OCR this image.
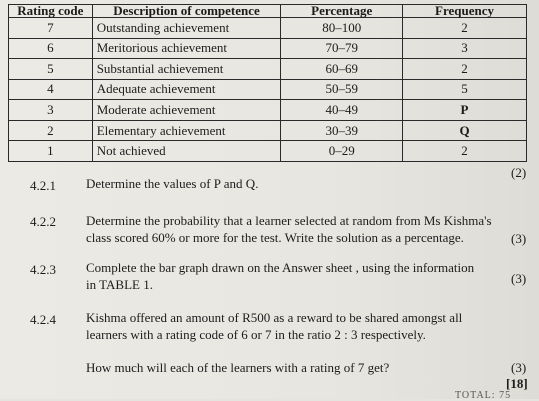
Rating code	Description of competence	Percentage	Frequency
7	Outstanding achievement	80–100	2
6	Meritorious achievement	70–79	3
5	Substantial achievement	60–69	2
4	Adequate achievement	50–59	5
3	Moderate achievement	40–49	P
2	Elementary achievement	30–39	Q
1	Not achieved	0–29	2
(2)
4.2.1 Determine the values of P and Q.
4.2.2 Determine the probability that a learner selected at random from Ms Kishma's
class scored 60% or more for the test. Write the solution as a percentage.	(3)
4.2.3 Complete the bar graph drawn on the Answer sheet , using the information
in TABLE 1.	(3)
4.2.4 Kishma offered an amount of R500 as a reward to be shared amongst all
learners with a rating code of 6 or 7 in the ratio 2 : 3 respectively.
How much will each of the learners with a rating of 7 get?	(3)
[18]
TOTAL: 75
